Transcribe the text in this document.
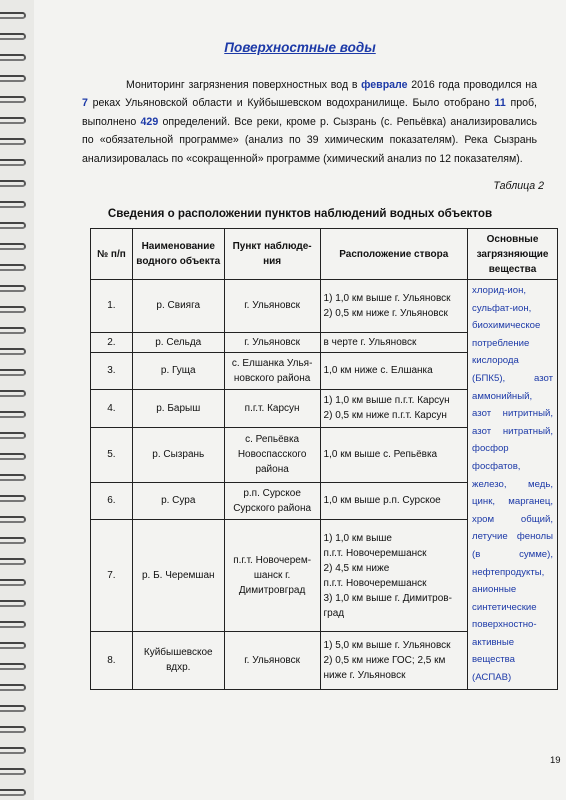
Поверхностные воды
Мониторинг загрязнения поверхностных вод в феврале 2016 года проводился на 7 реках Ульяновской области и Куйбышевском водохранилище. Было отобрано 11 проб, выполнено 429 определений. Все реки, кроме р. Сызрань (с. Репьёвка) анализировались по «обязательной программе» (анализ по 39 химическим показателям). Река Сызрань анализировалась по «сокращенной» программе (химический анализ по 12 показателям).
Таблица 2
Сведения о расположении пунктов наблюдений водных объектов
№ п/п	Наименование водного объекта	Пункт наблюде-ния	Расположение створа	Основные загрязняющие вещества
1.	р. Свияга	г. Ульяновск	1) 1,0 км выше г. Ульяновск
2) 0,5 км ниже г. Ульяновск	хлорид-ион, сульфат-ион, биохимическое потребление кислорода (БПК5), азот аммонийный, азот нитритный, азот нитратный, фосфор фосфатов, железо, медь, цинк, марганец, хром общий, летучие фенолы (в сумме), нефтепродукты, анионные синтетические поверхностно-активные вещества (АСПАВ)
2.	р. Сельда	г. Ульяновск	в черте г. Ульяновск	

3.	р. Гуща	с. Елшанка Улья-новского района	1,0 км ниже с. Елшанка	

4.	р. Барыш	п.г.т. Карсун	1) 1,0 км выше п.г.т. Карсун
2) 0,5 км ниже п.г.т. Карсун	

5.	р. Сызрань	с. Репьёвка Новоспасского района	1,0 км выше с. Репьёвка	

6.	р. Сура	р.п. Сурское Сурского района	1,0 км выше р.п. Сурское	

7.	р. Б. Черемшан	п.г.т. Новочерем-шанск г. Димитровград	1) 1,0 км выше
п.г.т. Новочеремшанск
2) 4,5 км ниже
п.г.т. Новочеремшанск
3) 1,0 км выше г. Димитров-град	

8.	Куйбышевское вдхр.	г. Ульяновск	1) 5,0 км выше г. Ульяновск
2) 0,5 км ниже ГОС; 2,5 км ниже г. Ульяновск	
19
